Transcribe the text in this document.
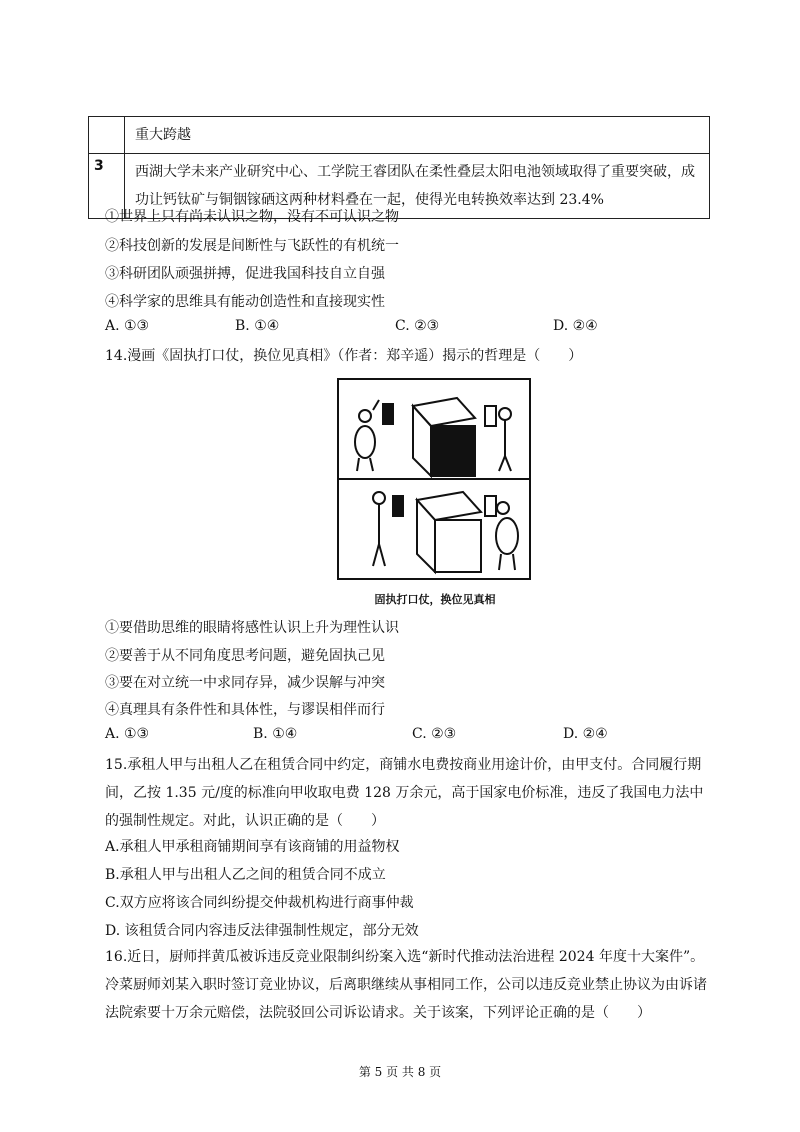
	重大跨越
3	西湖大学未来产业研究中心、工学院王睿团队在柔性叠层太阳电池领域取得了重要突破，成功让钙钛矿与铜铟镓硒这两种材料叠在一起，使得光电转换效率达到 23.4%
①世界上只有尚未认识之物，没有不可认识之物
②科技创新的发展是间断性与飞跃性的有机统一
③科研团队顽强拼搏，促进我国科技自立自强
④科学家的思维具有能动创造性和直接现实性
A. ①③	B. ①④	C. ②③	D. ②④
14.漫画《固执打口仗，换位见真相》（作者：郑辛遥）揭示的哲理是（　　）
固执打口仗，换位见真相
①要借助思维的眼睛将感性认识上升为理性认识
②要善于从不同角度思考问题，避免固执己见
③要在对立统一中求同存异，减少误解与冲突
④真理具有条件性和具体性，与谬误相伴而行
A. ①③	B. ①④	C. ②③	D. ②④
15.承租人甲与出租人乙在租赁合同中约定，商铺水电费按商业用途计价，由甲支付。合同履行期间，乙按 1.35 元/度的标准向甲收取电费 128 万余元，高于国家电价标准，违反了我国电力法中的强制性规定。对此，认识正确的是（　　）
A.承租人甲承租商铺期间享有该商铺的用益物权
B.承租人甲与出租人乙之间的租赁合同不成立
C.双方应将该合同纠纷提交仲裁机构进行商事仲裁
D. 该租赁合同内容违反法律强制性规定，部分无效
16.近日，厨师拌黄瓜被诉违反竞业限制纠纷案入选“新时代推动法治进程 2024 年度十大案件”。冷菜厨师刘某入职时签订竞业协议，后离职继续从事相同工作，公司以违反竞业禁止协议为由诉诸法院索要十万余元赔偿，法院驳回公司诉讼请求。关于该案，下列评论正确的是（　　）
第 5 页 共 8 页
